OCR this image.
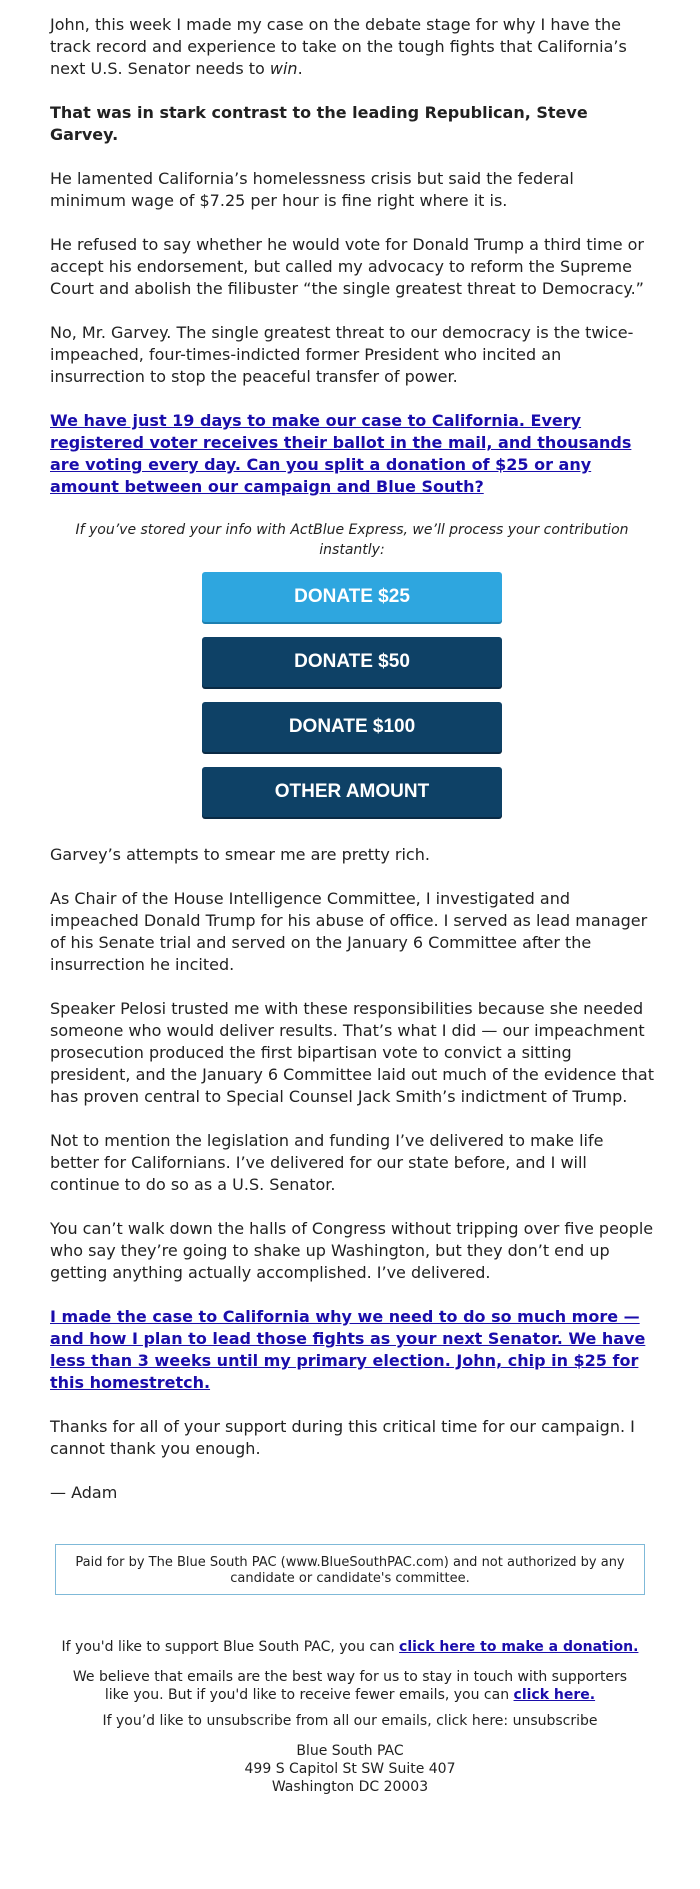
John, this week I made my case on the debate stage for why I have the track record and experience to take on the tough fights that California’s next U.S. Senator needs to win.

That was in stark contrast to the leading Republican, Steve Garvey.

He lamented California’s homelessness crisis but said the federal minimum wage of $7.25 per hour is fine right where it is.

He refused to say whether he would vote for Donald Trump a third time or accept his endorsement, but called my advocacy to reform the Supreme Court and abolish the filibuster “the single greatest threat to Democracy.”

No, Mr. Garvey. The single greatest threat to our democracy is the twice-impeached, four-times-indicted former President who incited an insurrection to stop the peaceful transfer of power.

We have just 19 days to make our case to California. Every registered voter receives their ballot in the mail, and thousands are voting every day. Can you split a donation of $25 or any amount between our campaign and Blue South?

If you’ve stored your info with ActBlue Express, we’ll process your contribution instantly:

DONATE $25
DONATE $50
DONATE $100
OTHER AMOUNT

Garvey’s attempts to smear me are pretty rich.

As Chair of the House Intelligence Committee, I investigated and impeached Donald Trump for his abuse of office. I served as lead manager of his Senate trial and served on the January 6 Committee after the insurrection he incited.

Speaker Pelosi trusted me with these responsibilities because she needed someone who would deliver results. That’s what I did — our impeachment prosecution produced the first bipartisan vote to convict a sitting president, and the January 6 Committee laid out much of the evidence that has proven central to Special Counsel Jack Smith’s indictment of Trump.

Not to mention the legislation and funding I’ve delivered to make life better for Californians. I’ve delivered for our state before, and I will continue to do so as a U.S. Senator.

You can’t walk down the halls of Congress without tripping over five people who say they’re going to shake up Washington, but they don’t end up getting anything actually accomplished. I’ve delivered.

I made the case to California why we need to do so much more — and how I plan to lead those fights as your next Senator. We have less than 3 weeks until my primary election. John, chip in $25 for this homestretch.

Thanks for all of your support during this critical time for our campaign. I cannot thank you enough.

— Adam

Paid for by The Blue South PAC (www.BlueSouthPAC.com) and not authorized by any candidate or candidate's committee.
If you'd like to support Blue South PAC, you can click here to make a donation.
We believe that emails are the best way for us to stay in touch with supporters like you. But if you'd like to receive fewer emails, you can click here.
If you’d like to unsubscribe from all our emails, click here: unsubscribe
Blue South PAC
499 S Capitol St SW Suite 407
Washington DC 20003
